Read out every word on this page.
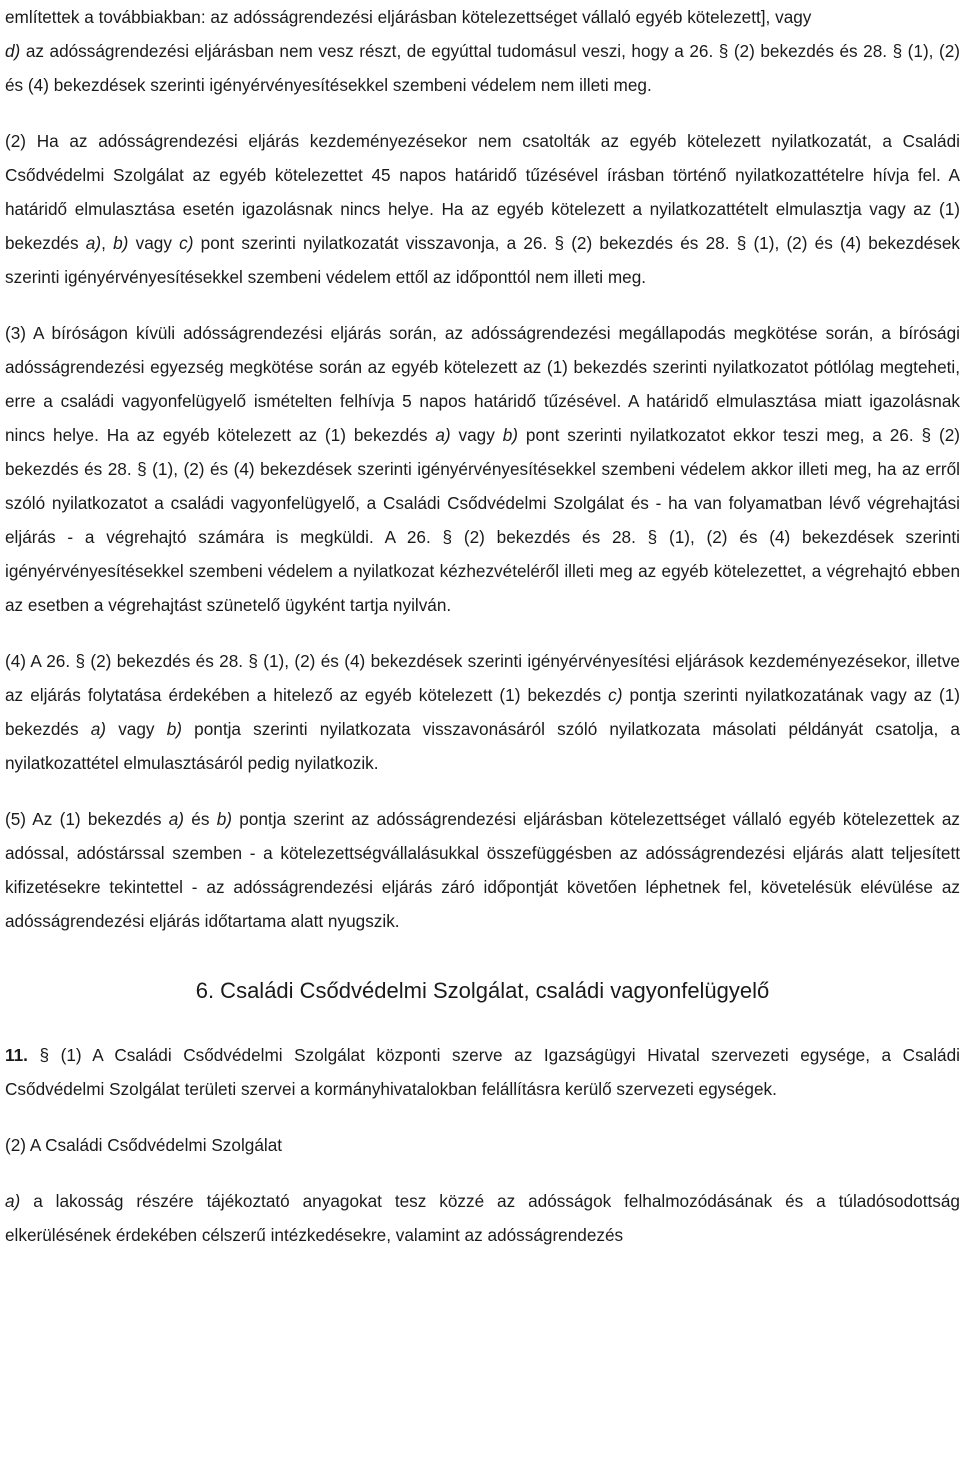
említettek a továbbiakban: az adósságrendezési eljárásban kötelezettséget vállaló egyéb kötelezett], vagy

d) az adósságrendezési eljárásban nem vesz részt, de egyúttal tudomásul veszi, hogy a 26. § (2) bekezdés és 28. § (1), (2) és (4) bekezdések szerinti igényérvényesítésekkel szembeni védelem nem illeti meg.

(2) Ha az adósságrendezési eljárás kezdeményezésekor nem csatolták az egyéb kötelezett nyilatkozatát, a Családi Csődvédelmi Szolgálat az egyéb kötelezettet 45 napos határidő tűzésével írásban történő nyilatkozattételre hívja fel. A határidő elmulasztása esetén igazolásnak nincs helye. Ha az egyéb kötelezett a nyilatkozattételt elmulasztja vagy az (1) bekezdés a), b) vagy c) pont szerinti nyilatkozatát visszavonja, a 26. § (2) bekezdés és 28. § (1), (2) és (4) bekezdések szerinti igényérvényesítésekkel szembeni védelem ettől az időponttól nem illeti meg.

(3) A bíróságon kívüli adósságrendezési eljárás során, az adósságrendezési megállapodás megkötése során, a bírósági adósságrendezési egyezség megkötése során az egyéb kötelezett az (1) bekezdés szerinti nyilatkozatot pótlólag megteheti, erre a családi vagyonfelügyelő ismételten felhívja 5 napos határidő tűzésével. A határidő elmulasztása miatt igazolásnak nincs helye. Ha az egyéb kötelezett az (1) bekezdés a) vagy b) pont szerinti nyilatkozatot ekkor teszi meg, a 26. § (2) bekezdés és 28. § (1), (2) és (4) bekezdések szerinti igényérvényesítésekkel szembeni védelem akkor illeti meg, ha az erről szóló nyilatkozatot a családi vagyonfelügyelő, a Családi Csődvédelmi Szolgálat és - ha van folyamatban lévő végrehajtási eljárás - a végrehajtó számára is megküldi. A 26. § (2) bekezdés és 28. § (1), (2) és (4) bekezdések szerinti igényérvényesítésekkel szembeni védelem a nyilatkozat kézhezvételéről illeti meg az egyéb kötelezettet, a végrehajtó ebben az esetben a végrehajtást szünetelő ügyként tartja nyilván.

(4) A 26. § (2) bekezdés és 28. § (1), (2) és (4) bekezdések szerinti igényérvényesítési eljárások kezdeményezésekor, illetve az eljárás folytatása érdekében a hitelező az egyéb kötelezett (1) bekezdés c) pontja szerinti nyilatkozatának vagy az (1) bekezdés a) vagy b) pontja szerinti nyilatkozata visszavonásáról szóló nyilatkozata másolati példányát csatolja, a nyilatkozattétel elmulasztásáról pedig nyilatkozik.

(5) Az (1) bekezdés a) és b) pontja szerint az adósságrendezési eljárásban kötelezettséget vállaló egyéb kötelezettek az adóssal, adóstárssal szemben - a kötelezettségvállalásukkal összefüggésben az adósságrendezési eljárás alatt teljesített kifizetésekre tekintettel - az adósságrendezési eljárás záró időpontját követően léphetnek fel, követelésük elévülése az adósságrendezési eljárás időtartama alatt nyugszik.

6. Családi Csődvédelmi Szolgálat, családi vagyonfelügyelő

11. § (1) A Családi Csődvédelmi Szolgálat központi szerve az Igazságügyi Hivatal szervezeti egysége, a Családi Csődvédelmi Szolgálat területi szervei a kormányhivatalokban felállításra kerülő szervezeti egységek.

(2) A Családi Csődvédelmi Szolgálat

a) a lakosság részére tájékoztató anyagokat tesz közzé az adósságok felhalmozódásának és a túladósodottság elkerülésének érdekében célszerű intézkedésekre, valamint az adósságrendezés
